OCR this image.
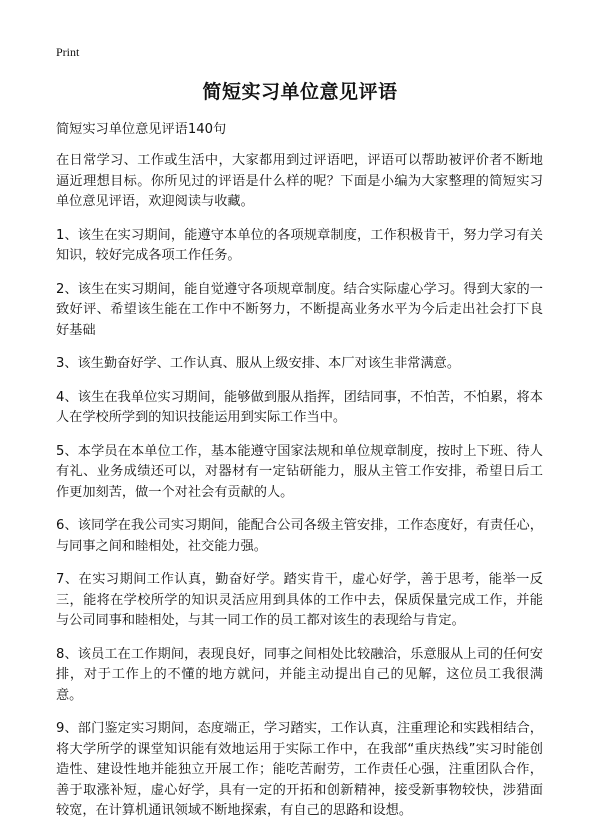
Print
简短实习单位意见评语

简短实习单位意见评语140句

在日常学习、工作或生活中，大家都用到过评语吧，评语可以帮助被评价者不断地逼近理想目标。你所见过的评语是什么样的呢？下面是小编为大家整理的简短实习单位意见评语，欢迎阅读与收藏。

1、该生在实习期间，能遵守本单位的各项规章制度，工作积极肯干，努力学习有关知识，较好完成各项工作任务。

2、该生在实习期间，能自觉遵守各项规章制度。结合实际虚心学习。得到大家的一致好评、希望该生能在工作中不断努力，不断提高业务水平为今后走出社会打下良好基础

3、该生勤奋好学、工作认真、服从上级安排、本厂对该生非常满意。

4、该生在我单位实习期间，能够做到服从指挥，团结同事，不怕苦，不怕累，将本人在学校所学到的知识技能运用到实际工作当中。

5、本学员在本单位工作，基本能遵守国家法规和单位规章制度，按时上下班、待人有礼、业务成绩还可以，对器材有一定钻研能力，服从主管工作安排，希望日后工作更加刻苦，做一个对社会有贡献的人。

6、该同学在我公司实习期间，能配合公司各级主管安排，工作态度好，有责任心，与同事之间和睦相处，社交能力强。

7、在实习期间工作认真，勤奋好学。踏实肯干，虚心好学，善于思考，能举一反三，能将在学校所学的知识灵活应用到具体的工作中去，保质保量完成工作，并能与公司同事和睦相处，与其一同工作的员工都对该生的表现给与肯定。

8、该员工在工作期间，表现良好，同事之间相处比较融洽，乐意服从上司的任何安排，对于工作上的不懂的地方就问，并能主动提出自己的见解，这位员工我很满意。

9、部门鉴定实习期间，态度端正，学习踏实，工作认真，注重理论和实践相结合，将大学所学的课堂知识能有效地运用于实际工作中，在我部“重庆热线”实习时能创造性、建设性地并能独立开展工作；能吃苦耐劳，工作责任心强，注重团队合作，善于取涨补短，虚心好学，具有一定的开拓和创新精神，接受新事物较快，涉猎面较宽，在计算机通讯领域不断地探索，有自己的思路和设想。
